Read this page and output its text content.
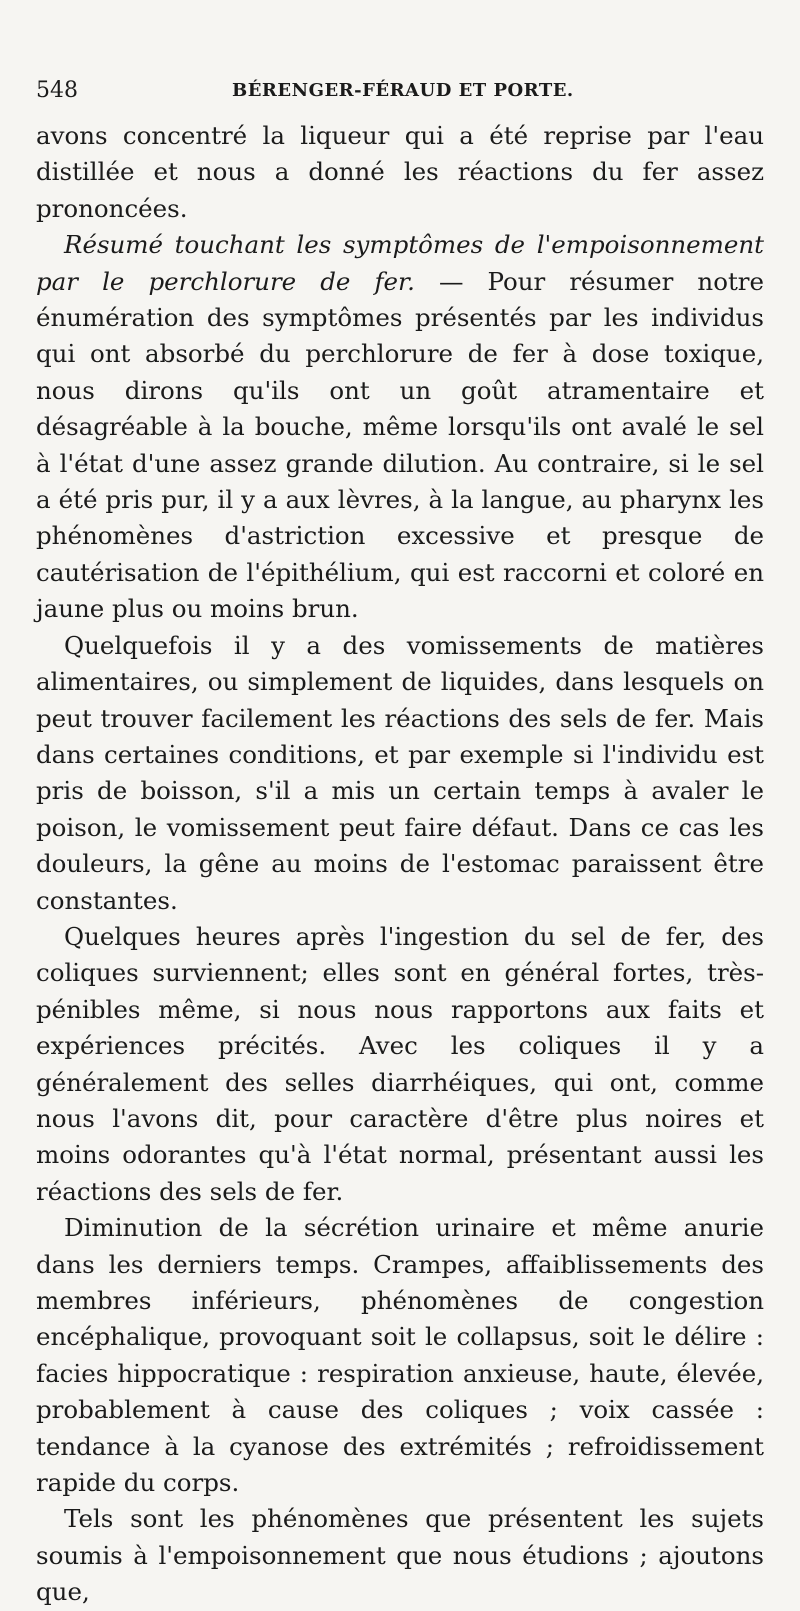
548	BÉRENGER-FÉRAUD ET PORTE.

avons concentré la liqueur qui a été reprise par l'eau distillée et nous a donné les réactions du fer assez prononcées.

Résumé touchant les symptômes de l'empoisonnement par le perchlorure de fer. — Pour résumer notre énumération des symptômes présentés par les individus qui ont absorbé du perchlorure de fer à dose toxique, nous dirons qu'ils ont un goût atramentaire et désagréable à la bouche, même lorsqu'ils ont avalé le sel à l'état d'une assez grande dilution. Au contraire, si le sel a été pris pur, il y a aux lèvres, à la langue, au pharynx les phénomènes d'astriction excessive et presque de cautérisation de l'épithélium, qui est raccorni et coloré en jaune plus ou moins brun.

Quelquefois il y a des vomissements de matières alimentaires, ou simplement de liquides, dans lesquels on peut trouver facilement les réactions des sels de fer. Mais dans certaines conditions, et par exemple si l'individu est pris de boisson, s'il a mis un certain temps à avaler le poison, le vomissement peut faire défaut. Dans ce cas les douleurs, la gêne au moins de l'estomac paraissent être constantes.

Quelques heures après l'ingestion du sel de fer, des coliques surviennent; elles sont en général fortes, très-pénibles même, si nous nous rapportons aux faits et expériences précités. Avec les coliques il y a généralement des selles diarrhéiques, qui ont, comme nous l'avons dit, pour caractère d'être plus noires et moins odorantes qu'à l'état normal, présentant aussi les réactions des sels de fer.

Diminution de la sécrétion urinaire et même anurie dans les derniers temps. Crampes, affaiblissements des membres inférieurs, phénomènes de congestion encéphalique, provoquant soit le collapsus, soit le délire : facies hippocratique : respiration anxieuse, haute, élevée, probablement à cause des coliques ; voix cassée : tendance à la cyanose des extrémités ; refroidissement rapide du corps.

Tels sont les phénomènes que présentent les sujets soumis à l'empoisonnement que nous étudions ; ajoutons que,
